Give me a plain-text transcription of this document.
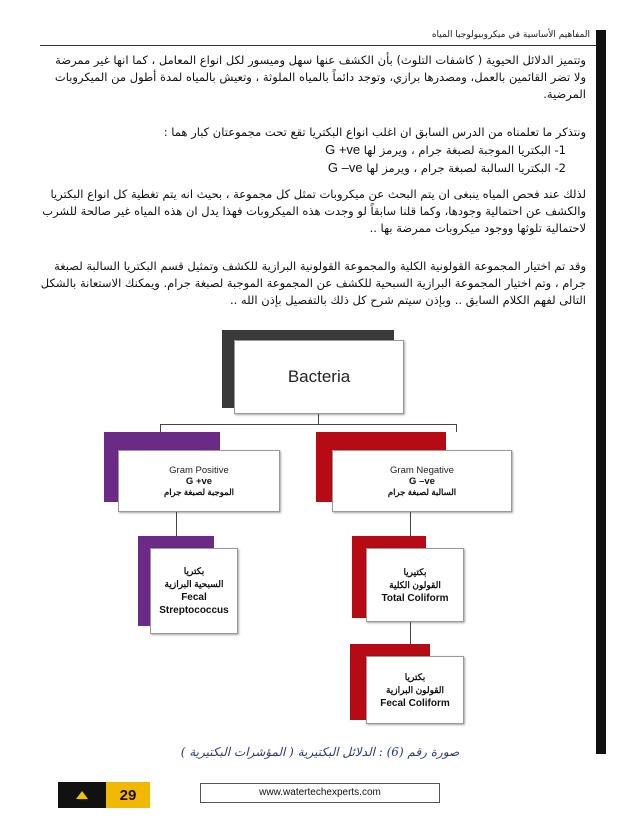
المفاهيم الأساسية في ميكروبيولوجيا المياه

وتتميز الدلائل الحيوية ( كاشفات التلوث) بأن الكشف عنها سهل وميسور لكل انواع المعامل ، كما انها غير ممرضة ولا تضر القائمين بالعمل، ومصدرها برازي، وتوجد دائماً بالمياه الملوثة ، وتعيش بالمياه لمدة أطول من الميكروبات المرضية.

ونتذكر ما تعلمناه من الدرس السابق ان اغلب انواع البكتريا تقع تحت مجموعتان كبار هما :

1- البكتريا الموجبة لصبغة جرام ، ويرمز لها G +ve
2- البكتريا السالبة لصبغة جرام ، ويرمز لها G –ve

لذلك عند فحص المياه ينبغى ان يتم البحث عن ميكروبات تمثل كل مجموعة ، بحيث انه يتم تغطية كل انواع البكتريا والكشف عن احتمالية وجودها، وكما قلنا سابقاً لو وجدت هذه الميكروبات فهذا يدل ان هذه المياه غير صالحة للشرب لاحتمالية تلوثها ووجود ميكروبات ممرضة بها ..

وقد تم اختيار المجموعة القولونية الكلية والمجموعة القولونية البرازية للكشف وتمثيل قسم البكتريا السالبة لصبغة جرام ، وتم اختيار المجموعة البرازية السبحية للكشف عن المجموعة الموجبة لصبغة جرام. ويمكنك الاستعانة بالشكل التالى لفهم الكلام السابق .. وبإذن سيتم شرح كل ذلك بالتفصيل بإذن الله ..

Bacteria
Gram Positive
G +ve
الموجبة لصبغة جرام
Gram Negative
G –ve
السالبة لصبغة جرام
بكتريا
السبحية البرازية
Fecal
Streptococcus
بكتيريا
القولون الكلية
Total Coliform
بكتريا
القولون البرازية
Fecal Coliform
صورة رقم (6) : الدلائل البكتيرية ( المؤشرات البكتيرية )
29	www.watertechexperts.com
